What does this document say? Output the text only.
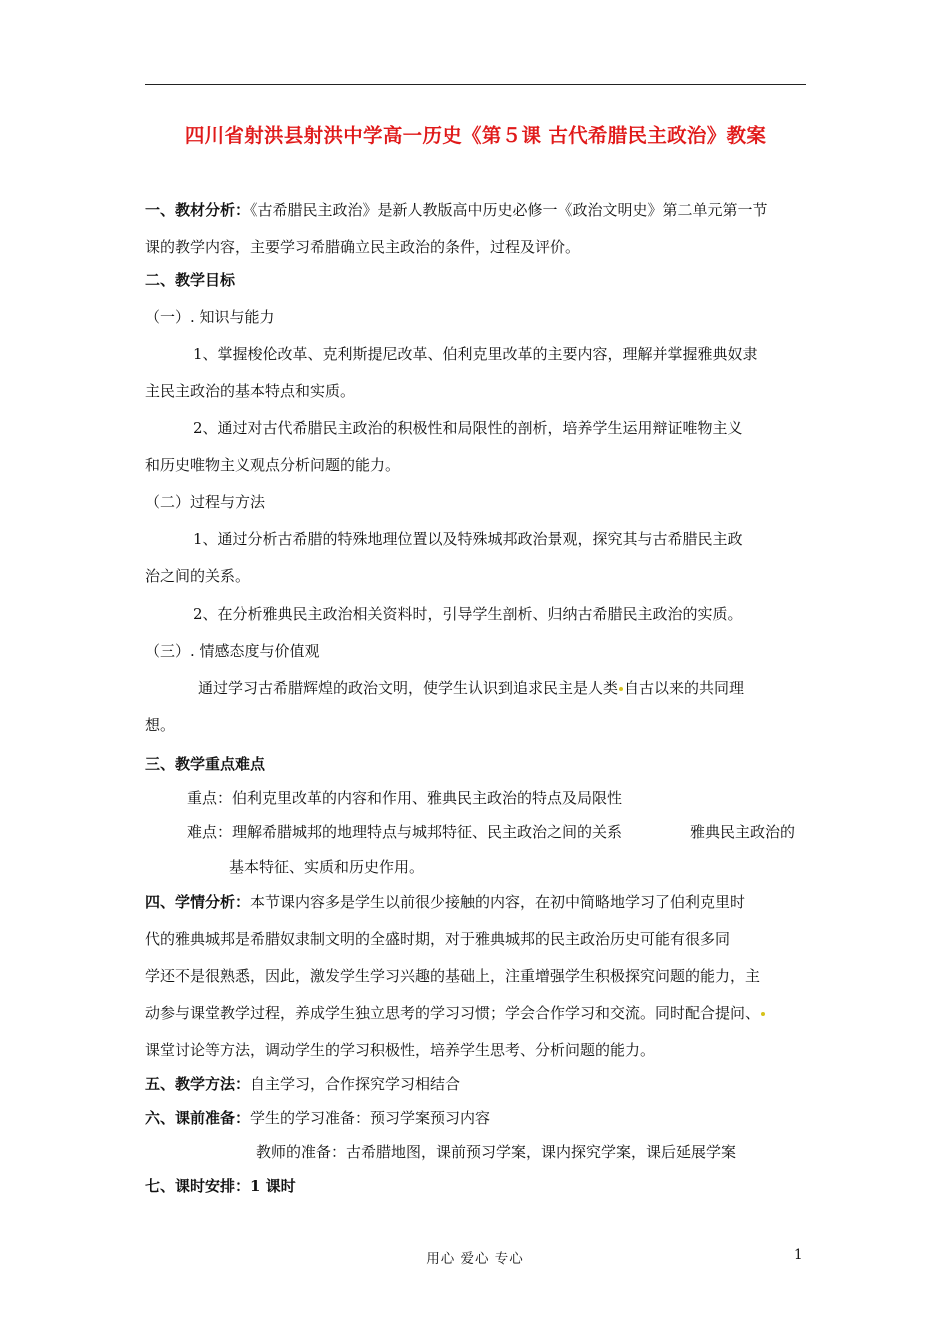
四川省射洪县射洪中学高一历史《第５课 古代希腊民主政治》教案
一、教材分析：《古希腊民主政治》是新人教版高中历史必修一《政治文明史》第二单元第一节
课的教学内容，主要学习希腊确立民主政治的条件，过程及评价。
二、教学目标
（一）. 知识与能力
1、掌握梭伦改革、克利斯提尼改革、伯利克里改革的主要内容，理解并掌握雅典奴隶
主民主政治的基本特点和实质。
2、通过对古代希腊民主政治的积极性和局限性的剖析，培养学生运用辩证唯物主义
和历史唯物主义观点分析问题的能力。
（二）过程与方法
1、通过分析古希腊的特殊地理位置以及特殊城邦政治景观，探究其与古希腊民主政
治之间的关系。
2、在分析雅典民主政治相关资料时，引导学生剖析、归纳古希腊民主政治的实质。
（三）. 情感态度与价值观
通过学习古希腊辉煌的政治文明，使学生认识到追求民主是人类 自古以来的共同理
想。
三、教学重点难点
重点：伯利克里改革的内容和作用、雅典民主政治的特点及局限性
难点：理解希腊城邦的地理特点与城邦特征、民主政治之间的关系	雅典民主政治的
基本特征、实质和历史作用。
四、学情分析：本节课内容多是学生以前很少接触的内容，在初中简略地学习了伯利克里时
代的雅典城邦是希腊奴隶制文明的全盛时期，对于雅典城邦的民主政治历史可能有很多同
学还不是很熟悉，因此，激发学生学习兴趣的基础上，注重增强学生积极探究问题的能力，主
动参与课堂教学过程，养成学生独立思考的学习习惯；学会合作学习和交流。同时配合提问、
课堂讨论等方法，调动学生的学习积极性，培养学生思考、分析问题的能力。
五、教学方法：自主学习，合作探究学习相结合
六、课前准备：学生的学习准备：预习学案预习内容
教师的准备：古希腊地图，课前预习学案，课内探究学案，课后延展学案
七、课时安排：1 课时
用心 爱心 专心	1
